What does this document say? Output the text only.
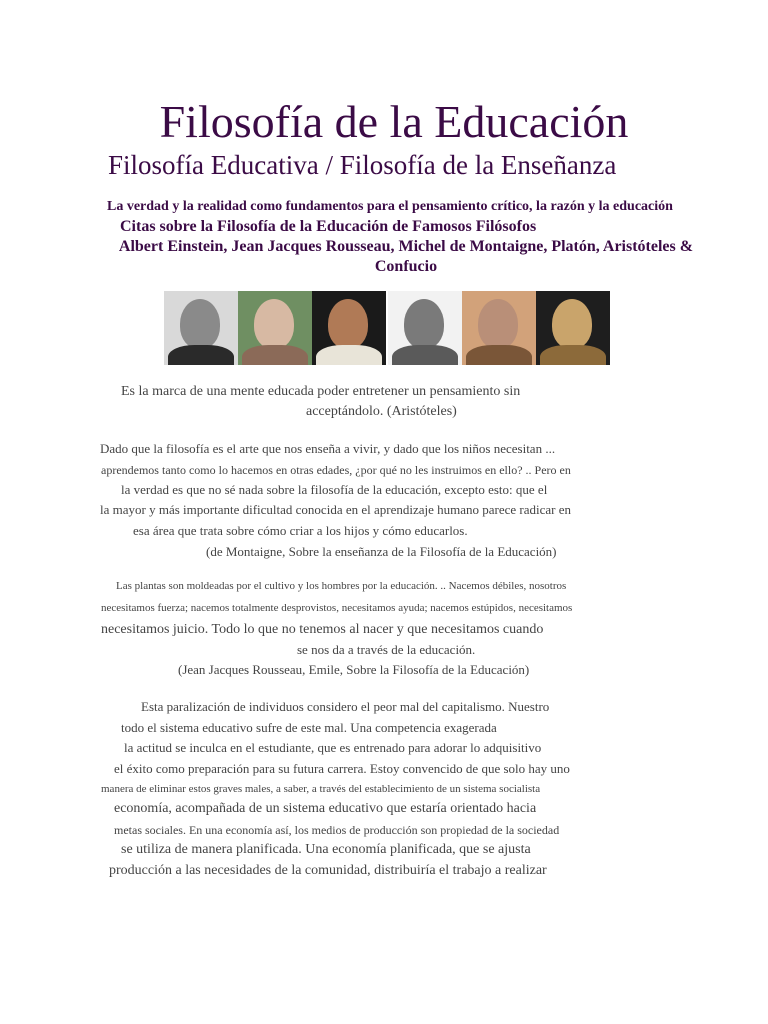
Filosofía de la Educación
Filosofía Educativa / Filosofía de la Enseñanza
La verdad y la realidad como fundamentos para el pensamiento crítico, la razón y la educación
Citas sobre la Filosofía de la Educación de Famosos Filósofos
Albert Einstein, Jean Jacques Rousseau, Michel de Montaigne, Platón, Aristóteles & Confucio
Es la marca de una mente educada poder entretener un pensamiento sin
acceptándolo. (Aristóteles)
Dado que la filosofía es el arte que nos enseña a vivir, y dado que los niños necesitan ...
aprendemos tanto como lo hacemos en otras edades, ¿por qué no les instruimos en ello? .. Pero en
la verdad es que no sé nada sobre la filosofía de la educación, excepto esto: que el
la mayor y más importante dificultad conocida en el aprendizaje humano parece radicar en
esa área que trata sobre cómo criar a los hijos y cómo educarlos.
(de Montaigne, Sobre la enseñanza de la Filosofía de la Educación)
Las plantas son moldeadas por el cultivo y los hombres por la educación. .. Nacemos débiles, nosotros
necesitamos fuerza; nacemos totalmente desprovistos, necesitamos ayuda; nacemos estúpidos, necesitamos
necesitamos juicio. Todo lo que no tenemos al nacer y que necesitamos cuando
se nos da a través de la educación.
(Jean Jacques Rousseau, Emile, Sobre la Filosofía de la Educación)
Esta paralización de individuos considero el peor mal del capitalismo. Nuestro
todo el sistema educativo sufre de este mal. Una competencia exagerada
la actitud se inculca en el estudiante, que es entrenado para adorar lo adquisitivo
el éxito como preparación para su futura carrera. Estoy convencido de que solo hay uno
manera de eliminar estos graves males, a saber, a través del establecimiento de un sistema socialista
economía, acompañada de un sistema educativo que estaría orientado hacia
metas sociales. En una economía así, los medios de producción son propiedad de la sociedad
se utiliza de manera planificada. Una economía planificada, que se ajusta
producción a las necesidades de la comunidad, distribuiría el trabajo a realizar
